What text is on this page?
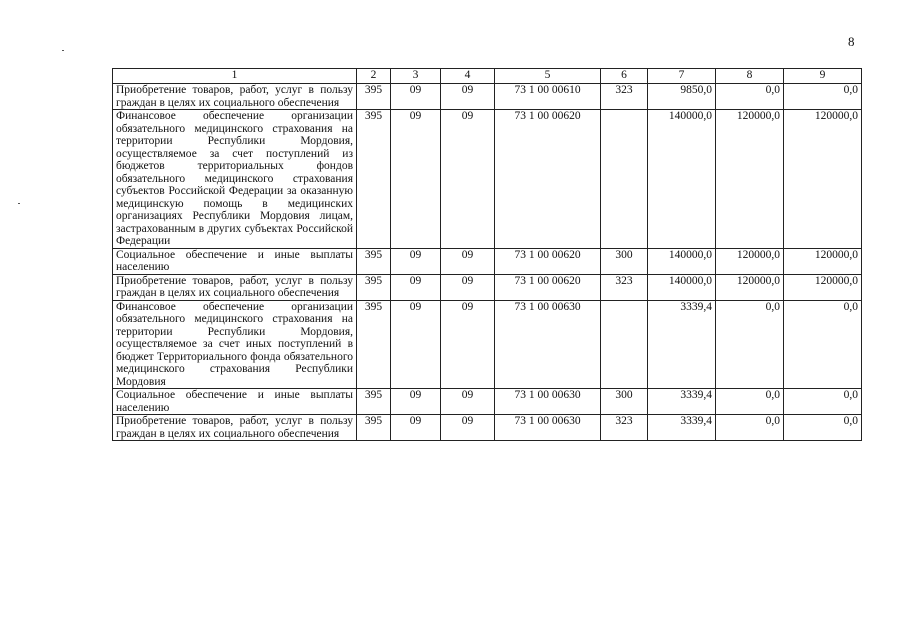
8
1	2	3	4	5	6	7	8	9
Приобретение товаров, работ, услуг в пользу граждан в целях их социального обеспечения	395	09	09	73 1 00 00610	323	9850,0	0,0	0,0
Финансовое обеспечение организации обязательного медицинского страхования на территории Республики Мордовия, осуществляемое за счет поступлений из бюджетов территориальных фондов обязательного медицинского страхования субъектов Российской Федерации за оказанную медицинскую помощь в медицинских организациях Республики Мордовия лицам, застрахованным в других субъектах Российской Федерации	395	09	09	73 1 00 00620		140000,0	120000,0	120000,0
Социальное обеспечение и иные выплаты населению	395	09	09	73 1 00 00620	300	140000,0	120000,0	120000,0
Приобретение товаров, работ, услуг в пользу граждан в целях их социального обеспечения	395	09	09	73 1 00 00620	323	140000,0	120000,0	120000,0
Финансовое обеспечение организации обязательного медицинского страхования на территории Республики Мордовия, осуществляемое за счет иных поступлений в бюджет Территориального фонда обязательного медицинского страхования Республики Мордовия	395	09	09	73 1 00 00630		3339,4	0,0	0,0
Социальное обеспечение и иные выплаты населению	395	09	09	73 1 00 00630	300	3339,4	0,0	0,0
Приобретение товаров, работ, услуг в пользу граждан в целях их социального обеспечения	395	09	09	73 1 00 00630	323	3339,4	0,0	0,0
